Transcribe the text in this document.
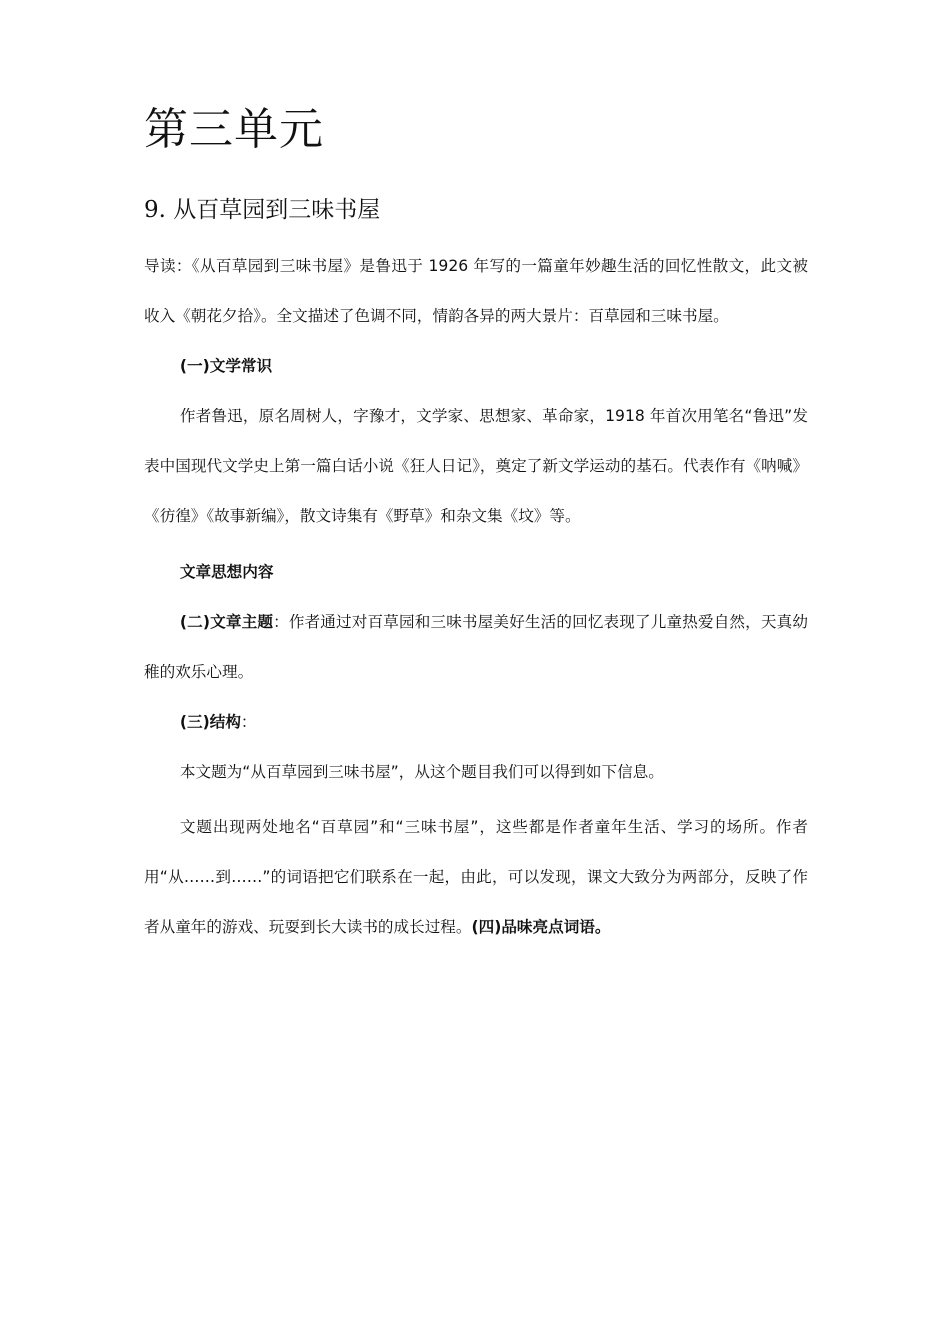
第三单元
9. 从百草园到三味书屋

导读：《从百草园到三味书屋》是鲁迅于 1926 年写的一篇童年妙趣生活的回忆性散文，此文被收入《朝花夕拾》。全文描述了色调不同，情韵各异的两大景片：百草园和三味书屋。

(一)文学常识

作者鲁迅，原名周树人，字豫才，文学家、思想家、革命家，1918 年首次用笔名“鲁迅”发表中国现代文学史上第一篇白话小说《狂人日记》，奠定了新文学运动的基石。代表作有《呐喊》《彷徨》《故事新编》，散文诗集有《野草》和杂文集《坟》等。

文章思想内容

(二)文章主题：作者通过对百草园和三味书屋美好生活的回忆表现了儿童热爱自然，天真幼稚的欢乐心理。

(三)结构：

本文题为“从百草园到三味书屋”，从这个题目我们可以得到如下信息。

文题出现两处地名“百草园”和“三味书屋”，这些都是作者童年生活、学习的场所。作者用“从……到……”的词语把它们联系在一起，由此，可以发现，课文大致分为两部分，反映了作者从童年的游戏、玩耍到长大读书的成长过程。(四)品味亮点词语。
